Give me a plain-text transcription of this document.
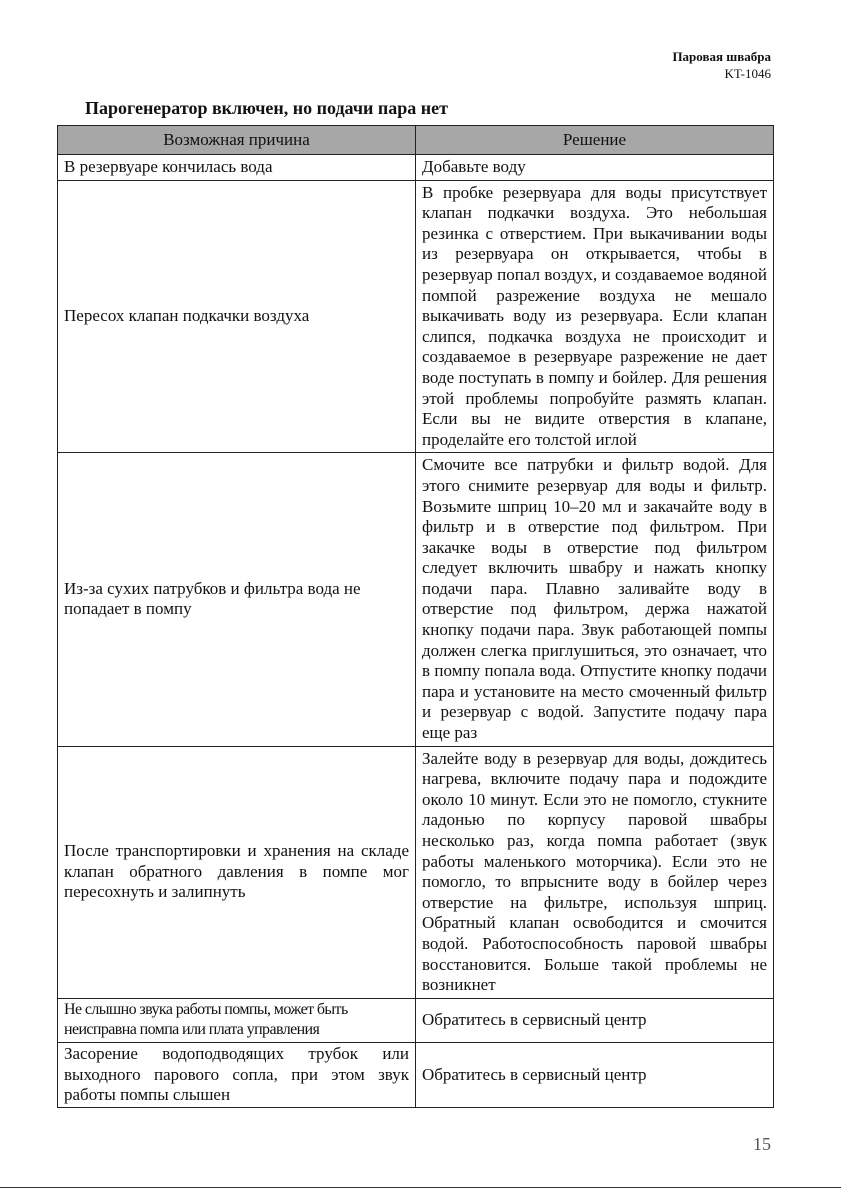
Паровая швабра
KT-1046
Парогенератор включен, но подачи пара нет
Возможная причина	Решение
В резервуаре кончилась вода	Добавьте воду
Пересох клапан подкачки воздуха	В пробке резервуара для воды присутствует клапан подкачки воздуха. Это небольшая резинка с отверстием. При выкачивании воды из резервуара он открывается, чтобы в резервуар попал воздух, и создаваемое водяной помпой разрежение воздуха не мешало выкачивать воду из резервуара. Если клапан слипся, подкачка воздуха не происходит и создаваемое в резервуаре разрежение не дает воде поступать в помпу и бойлер. Для решения этой проблемы попробуйте размять клапан. Если вы не видите отверстия в клапане, проделайте его толстой иглой
Из-за сухих патрубков и фильтра вода не попадает в помпу	Смочите все патрубки и фильтр водой. Для этого снимите резервуар для воды и фильтр. Возьмите шприц 10–20 мл и закачайте воду в фильтр и в отверстие под фильтром. При закачке воды в отверстие под фильтром следует включить швабру и нажать кнопку подачи пара. Плавно заливайте воду в отверстие под фильтром, держа нажатой кнопку подачи пара. Звук работающей помпы должен слегка приглушиться, это означает, что в помпу попала вода. Отпустите кнопку подачи пара и установите на место смоченный фильтр и резервуар с водой. Запустите подачу пара еще раз
После транспортировки и хранения на складе клапан обратного давления в помпе мог пересохнуть и залипнуть	Залейте воду в резервуар для воды, дождитесь нагрева, включите подачу пара и подождите около 10 минут. Если это не помогло, стукните ладонью по корпусу паровой швабры несколько раз, когда помпа работает (звук работы маленького моторчика). Если это не помогло, то впрысните воду в бойлер через отверстие на фильтре, используя шприц. Обратный клапан освободится и смочится водой. Работоспособность паровой швабры восстановится. Больше такой проблемы не возникнет
Не слышно звука работы помпы, может быть неисправна помпа или плата управления	Обратитесь в сервисный центр
Засорение водоподводящих трубок или выходного парового сопла, при этом звук работы помпы слышен	Обратитесь в сервисный центр
15
